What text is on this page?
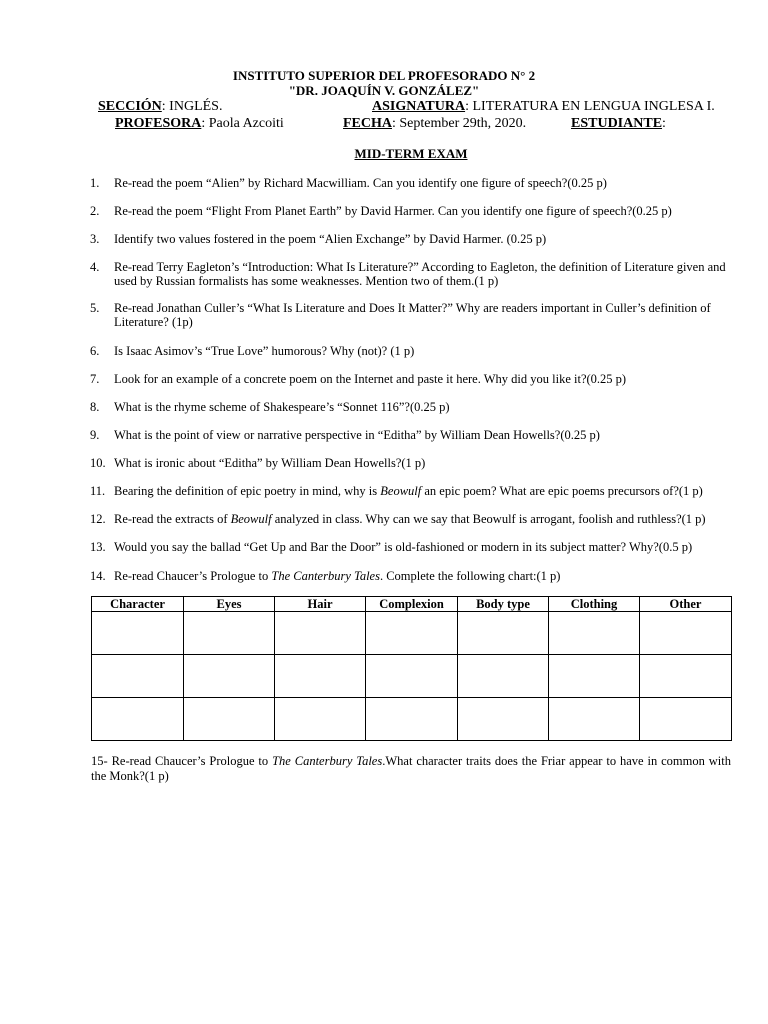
INSTITUTO SUPERIOR DEL PROFESORADO N° 2
"DR. JOAQUÍN V. GONZÁLEZ"
SECCIÓN: INGLÉS.	ASIGNATURA: LITERATURA EN LENGUA INGLESA I.
PROFESORA: Paola Azcoiti	FECHA: September 29th, 2020.	ESTUDIANTE:
MID-TERM EXAM
1. Re-read the poem “Alien” by Richard Macwilliam. Can you identify one figure of speech?(0.25 p)
2. Re-read the poem “Flight From Planet Earth” by David Harmer. Can you identify one figure of speech?(0.25 p)
3. Identify two values fostered in the poem “Alien Exchange” by David Harmer. (0.25 p)
4. Re-read Terry Eagleton’s “Introduction: What Is Literature?” According to Eagleton, the definition of Literature given and used by Russian formalists has some weaknesses. Mention two of them.(1 p)
5. Re-read Jonathan Culler’s “What Is Literature and Does It Matter?” Why are readers important in Culler’s definition of Literature? (1p)
6. Is Isaac Asimov’s “True Love” humorous? Why (not)? (1 p)
7. Look for an example of a concrete poem on the Internet and paste it here. Why did you like it?(0.25 p)
8. What is the rhyme scheme of Shakespeare’s “Sonnet 116”?(0.25 p)
9. What is the point of view or narrative perspective in “Editha” by William Dean Howells?(0.25 p)
10. What is ironic about “Editha” by William Dean Howells?(1 p)
11. Bearing the definition of epic poetry in mind, why is Beowulf an epic poem? What are epic poems precursors of?(1 p)
12. Re-read the extracts of Beowulf analyzed in class. Why can we say that Beowulf is arrogant, foolish and ruthless?(1 p)
13. Would you say the ballad “Get Up and Bar the Door” is old-fashioned or modern in its subject matter? Why?(0.5 p)
14. Re-read Chaucer’s Prologue to The Canterbury Tales. Complete the following chart:(1 p)
Character	Eyes	Hair	Complexion	Body type	Clothing	Other

15- Re-read Chaucer’s Prologue to The Canterbury Tales.What character traits does the Friar appear to have in common with the Monk?(1 p)
